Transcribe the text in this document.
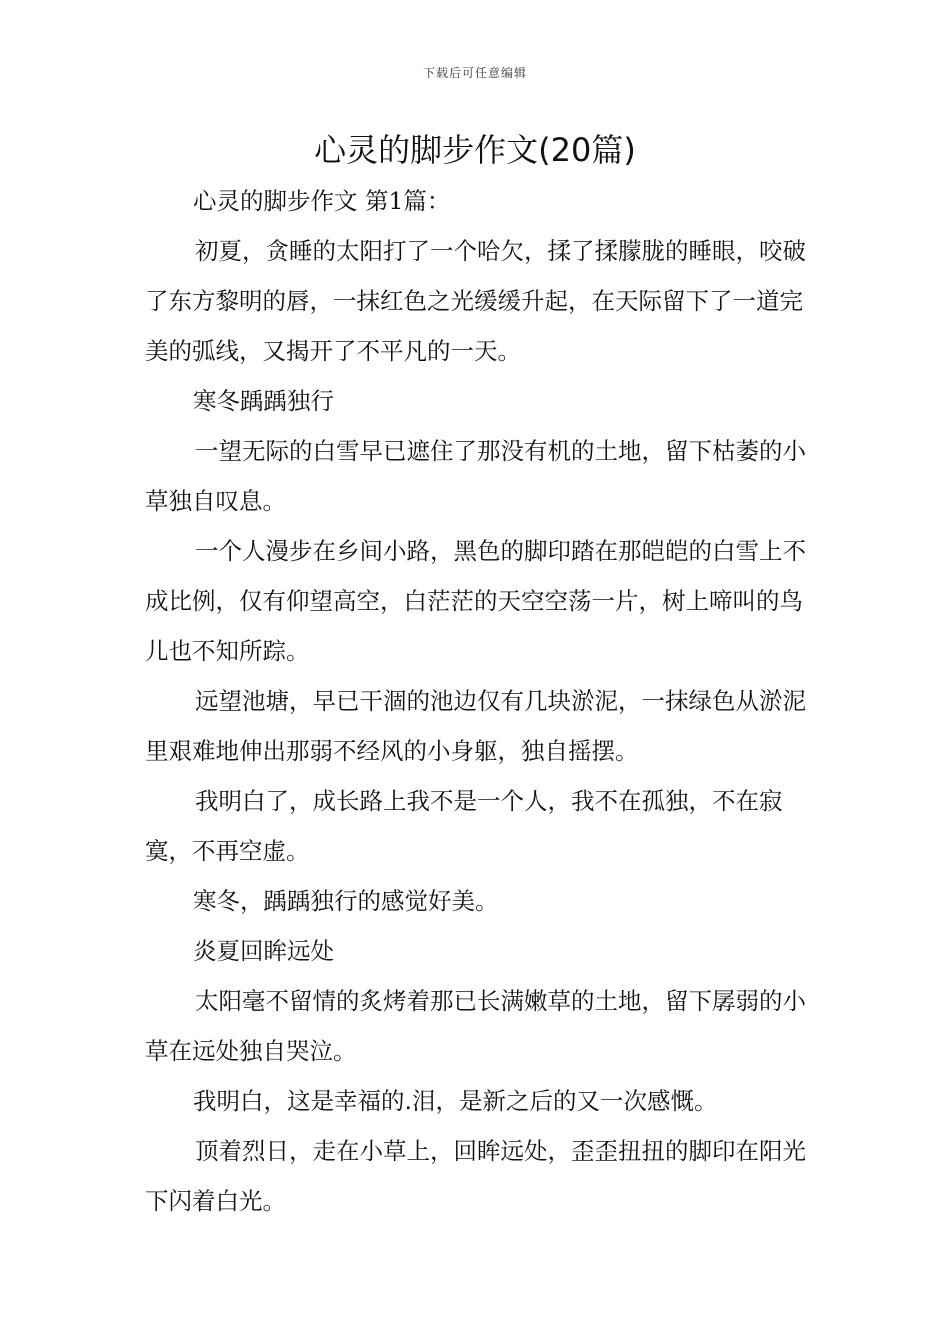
下载后可任意编辑
心灵的脚步作文(20篇)

心灵的脚步作文 第1篇：

初夏，贪睡的太阳打了一个哈欠，揉了揉朦胧的睡眼，咬破了东方黎明的唇，一抹红色之光缓缓升起，在天际留下了一道完美的弧线，又揭开了不平凡的一天。

寒冬踽踽独行

一望无际的白雪早已遮住了那没有机的土地，留下枯萎的小草独自叹息。

一个人漫步在乡间小路，黑色的脚印踏在那皑皑的白雪上不成比例，仅有仰望高空，白茫茫的天空空荡一片，树上啼叫的鸟儿也不知所踪。

远望池塘，早已干涸的池边仅有几块淤泥，一抹绿色从淤泥里艰难地伸出那弱不经风的小身躯，独自摇摆。

我明白了，成长路上我不是一个人，我不在孤独，不在寂寞，不再空虚。

寒冬，踽踽独行的感觉好美。

炎夏回眸远处

太阳毫不留情的炙烤着那已长满嫩草的土地，留下孱弱的小草在远处独自哭泣。

我明白，这是幸福的.泪，是新之后的又一次感慨。

顶着烈日，走在小草上，回眸远处，歪歪扭扭的脚印在阳光下闪着白光。
